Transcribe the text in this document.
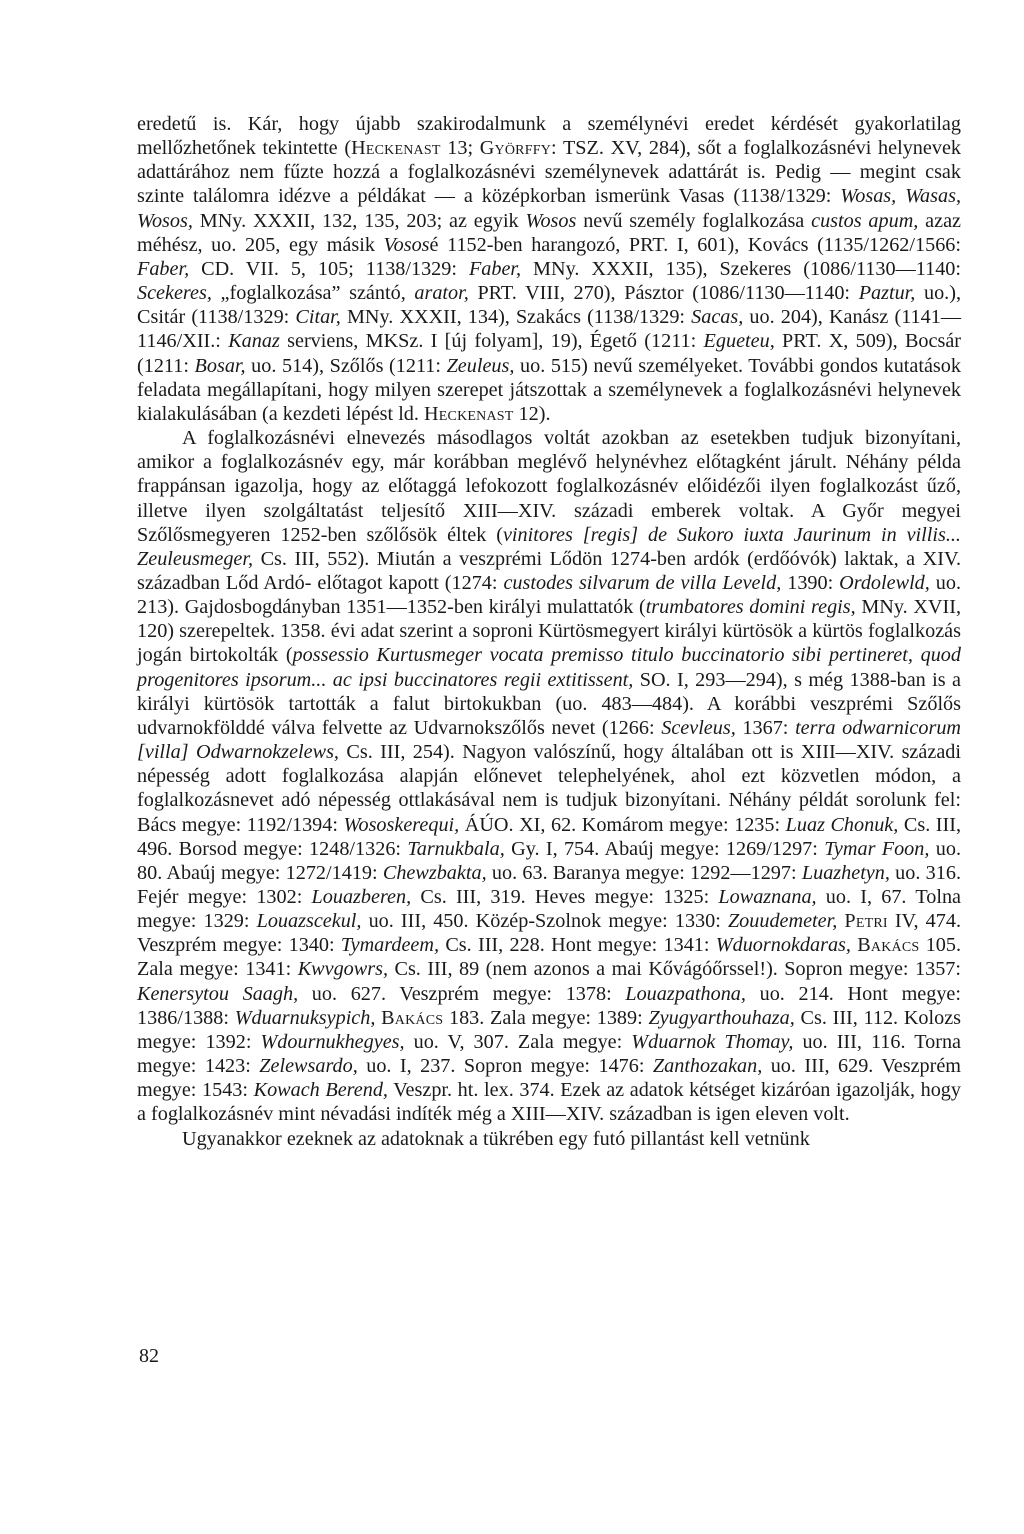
eredetű is. Kár, hogy újabb szakirodalmunk a személynévi eredet kérdését gyakorlatilag mellőzhetőnek tekintette (Heckenast 13; Györffy: TSZ. XV, 284), sőt a foglalkozásnévi helynevek adattárához nem fűzte hozzá a foglalkozásnévi személynevek adattárát is. Pedig — megint csak szinte találomra idézve a példákat — a középkorban ismerünk Vasas (1138/1329: Wosas, Wasas, Wosos, MNy. XXXII, 132, 135, 203; az egyik Wosos nevű személy foglalkozása custos apum, azaz méhész, uo. 205, egy másik Vososé 1152-ben harangozó, PRT. I, 601), Kovács (1135/1262/1566: Faber, CD. VII. 5, 105; 1138/1329: Faber, MNy. XXXII, 135), Szekeres (1086/1130—1140: Scekeres, „foglalkozása” szántó, arator, PRT. VIII, 270), Pásztor (1086/1130—1140: Paztur, uo.), Csitár (1138/1329: Citar, MNy. XXXII, 134), Szakács (1138/1329: Sacas, uo. 204), Kanász (1141—1146/XII.: Kanaz serviens, MKSz. I [új folyam], 19), Égető (1211: Egueteu, PRT. X, 509), Bocsár (1211: Bosar, uo. 514), Szőlős (1211: Zeuleus, uo. 515) nevű személyeket. További gondos kutatások feladata megállapítani, hogy milyen szerepet játszottak a személynevek a foglalkozásnévi helynevek kialakulásában (a kezdeti lépést ld. Heckenast 12).

A foglalkozásnévi elnevezés másodlagos voltát azokban az esetekben tudjuk bizonyítani, amikor a foglalkozásnév egy, már korábban meglévő helynévhez előtagként járult. Néhány példa frappánsan igazolja, hogy az előtaggá lefokozott foglalkozásnév előidézői ilyen foglalkozást űző, illetve ilyen szolgáltatást teljesítő XIII—XIV. századi emberek voltak. A Győr megyei Szőlősmegyeren 1252-ben szőlősök éltek (vinitores [regis] de Sukoro iuxta Jaurinum in villis... Zeuleusmeger, Cs. III, 552). Miután a veszprémi Lődön 1274-ben ardók (erdőóvók) laktak, a XIV. században Lőd Ardó- előtagot kapott (1274: custodes silvarum de villa Leveld, 1390: Ordolewld, uo. 213). Gajdosbogdányban 1351—1352-ben királyi mulattatók (trumbatores domini regis, MNy. XVII, 120) szerepeltek. 1358. évi adat szerint a soproni Kürtösmegyert királyi kürtösök a kürtös foglalkozás jogán birtokolták (possessio Kurtusmeger vocata premisso titulo buccinatorio sibi pertineret, quod progenitores ipsorum... ac ipsi buccinatores regii extitissent, SO. I, 293—294), s még 1388-ban is a királyi kürtösök tartották a falut birtokukban (uo. 483—484). A korábbi veszprémi Szőlős udvarnokfölddé válva felvette az Udvarnokszőlős nevet (1266: Scevleus, 1367: terra odwarnicorum [villa] Odwarnokzelews, Cs. III, 254). Nagyon valószínű, hogy általában ott is XIII—XIV. századi népesség adott foglalkozása alapján előnevet telephelyének, ahol ezt közvetlen módon, a foglalkozásnevet adó népesség ottlakásával nem is tudjuk bizonyítani. Néhány példát sorolunk fel: Bács megye: 1192/1394: Wososkerequi, ÁÚO. XI, 62. Komárom megye: 1235: Luaz Chonuk, Cs. III, 496. Borsod megye: 1248/1326: Tarnukbala, Gy. I, 754. Abaúj megye: 1269/1297: Tymar Foon, uo. 80. Abaúj megye: 1272/1419: Chewzbakta, uo. 63. Baranya megye: 1292—1297: Luazhetyn, uo. 316. Fejér megye: 1302: Louazberen, Cs. III, 319. Heves megye: 1325: Lowaznana, uo. I, 67. Tolna megye: 1329: Louazscekul, uo. III, 450. Közép-Szolnok megye: 1330: Zouudemeter, Petri IV, 474. Veszprém megye: 1340: Tymardeem, Cs. III, 228. Hont megye: 1341: Wduornokdaras, Bakács 105. Zala megye: 1341: Kwvgowrs, Cs. III, 89 (nem azonos a mai Kővágóőrssel!). Sopron megye: 1357: Kenersytou Saagh, uo. 627. Veszprém megye: 1378: Louazpathona, uo. 214. Hont megye: 1386/1388: Wduarnuksypich, Bakács 183. Zala megye: 1389: Zyugyarthouhaza, Cs. III, 112. Kolozs megye: 1392: Wdournukhegyes, uo. V, 307. Zala megye: Wduarnok Thomay, uo. III, 116. Torna megye: 1423: Zelewsardo, uo. I, 237. Sopron megye: 1476: Zanthozakan, uo. III, 629. Veszprém megye: 1543: Kowach Berend, Veszpr. ht. lex. 374. Ezek az adatok kétséget kizáróan igazolják, hogy a foglalkozásnév mint névadási indíték még a XIII—XIV. században is igen eleven volt.

Ugyanakkor ezeknek az adatoknak a tükrében egy futó pillantást kell vetnünk

82
